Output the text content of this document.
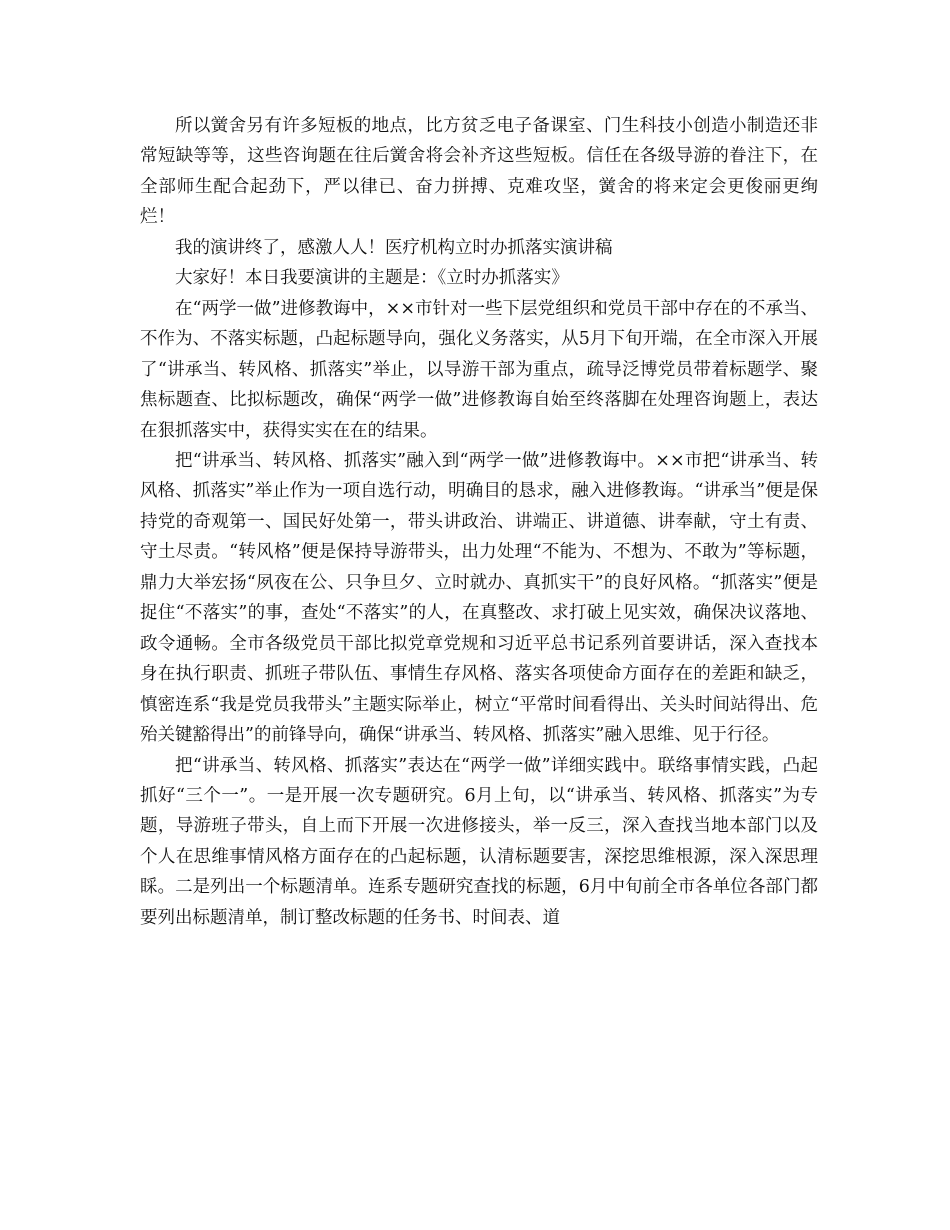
所以黉舍另有许多短板的地点，比方贫乏电子备课室、门生科技小创造小制造还非常短缺等等，这些咨询题在往后黉舍将会补齐这些短板。信任在各级导游的眷注下，在全部师生配合起劲下，严以律已、奋力拼搏、克难攻坚，黉舍的将来定会更俊丽更绚烂！

我的演讲终了，感激人人！医疗机构立时办抓落实演讲稿

大家好！本日我要演讲的主题是：《立时办抓落实》

在“两学一做”进修教诲中，××市针对一些下层党组织和党员干部中存在的不承当、不作为、不落实标题，凸起标题导向，强化义务落实，从5月下旬开端，在全市深入开展了“讲承当、转风格、抓落实”举止，以导游干部为重点，疏导泛博党员带着标题学、聚焦标题查、比拟标题改，确保“两学一做”进修教诲自始至终落脚在处理咨询题上，表达在狠抓落实中，获得实实在在的结果。

把“讲承当、转风格、抓落实”融入到“两学一做”进修教诲中。××市把“讲承当、转风格、抓落实”举止作为一项自选行动，明确目的恳求，融入进修教诲。“讲承当”便是保持党的奇观第一、国民好处第一，带头讲政治、讲端正、讲道德、讲奉献，守土有责、守土尽责。“转风格”便是保持导游带头，出力处理“不能为、不想为、不敢为”等标题，鼎力大举宏扬“夙夜在公、只争旦夕、立时就办、真抓实干”的良好风格。“抓落实”便是捉住“不落实”的事，查处“不落实”的人，在真整改、求打破上见实效，确保决议落地、政令通畅。全市各级党员干部比拟党章党规和习近平总书记系列首要讲话，深入查找本身在执行职责、抓班子带队伍、事情生存风格、落实各项使命方面存在的差距和缺乏，慎密连系“我是党员我带头”主题实际举止，树立“平常时间看得出、关头时间站得出、危殆关键豁得出”的前锋导向，确保“讲承当、转风格、抓落实”融入思维、见于行径。

把“讲承当、转风格、抓落实”表达在“两学一做”详细实践中。联络事情实践，凸起抓好“三个一”。一是开展一次专题研究。6月上旬，以“讲承当、转风格、抓落实”为专题，导游班子带头，自上而下开展一次进修接头，举一反三，深入查找当地本部门以及个人在思维事情风格方面存在的凸起标题，认清标题要害，深挖思维根源，深入深思理睬。二是列出一个标题清单。连系专题研究查找的标题，6月中旬前全市各单位各部门都要列出标题清单，制订整改标题的任务书、时间表、道
